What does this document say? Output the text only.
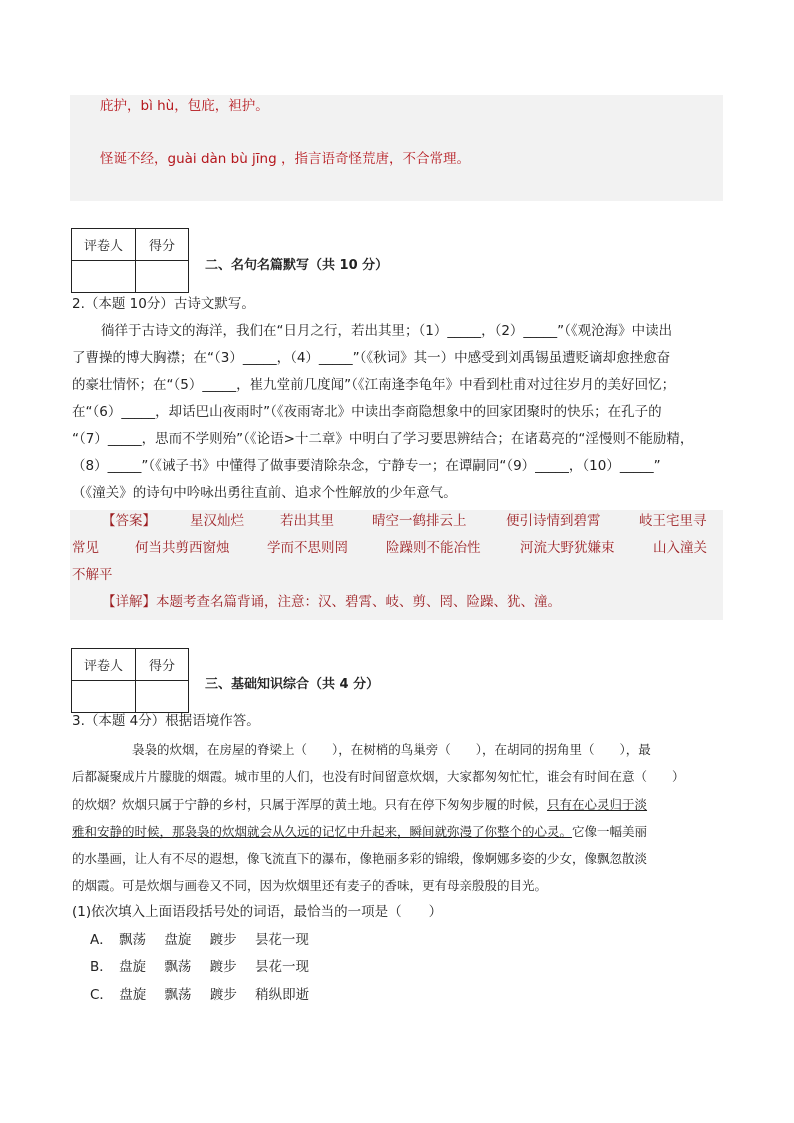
庇护，bì hù，包庇，袒护。
怪诞不经，guài dàn bù jīng ，指言语奇怪荒唐，不合常理。
评卷人	得分

二、名句名篇默写（共 10 分）
2.（本题 10分）古诗文默写。
徜徉于古诗文的海洋，我们在“日月之行，若出其里；（1）_____，（2）_____”（《观沧海》中读出
了曹操的博大胸襟；在“（3）_____，（4）_____”（《秋词》其一）中感受到刘禹锡虽遭贬谪却愈挫愈奋
的豪壮情怀；在“（5）_____，崔九堂前几度闻”（《江南逢李龟年》中看到杜甫对过往岁月的美好回忆；
在“（6）_____，却话巴山夜雨时”（《夜雨寄北》中读出李商隐想象中的回家团聚时的快乐；在孔子的
“（7）_____，思而不学则殆”（《论语>十二章》中明白了学习要思辨结合；在诸葛亮的“淫慢则不能励精，
（8）_____”（《诫子书》中懂得了做事要清除杂念，宁静专一；在谭嗣同“（9）_____，（10）_____”
（《潼关》的诗句中吟咏出勇往直前、追求个性解放的少年意气。
【答案】	星汉灿烂	若出其里	晴空一鹤排云上	便引诗情到碧霄	岐王宅里寻
常见	何当共剪西窗烛	学而不思则罔	险躁则不能冶性	河流大野犹嫌束	山入潼关
不解平
【详解】本题考查名篇背诵，注意：汉、碧霄、岐、剪、罔、险躁、犹、潼。
评卷人	得分

三、基础知识综合（共 4 分）
3.（本题 4分）根据语境作答。
袅袅的炊烟，在房屋的脊梁上（　　），在树梢的鸟巢旁（　　），在胡同的拐角里（　　），最
后都凝聚成片片朦胧的烟霞。城市里的人们，也没有时间留意炊烟，大家都匆匆忙忙，谁会有时间在意（　　）
的炊烟？炊烟只属于宁静的乡村，只属于浑厚的黄土地。只有在停下匆匆步履的时候，只有在心灵归于淡
雅和安静的时候，那袅袅的炊烟就会从久远的记忆中升起来，瞬间就弥漫了你整个的心灵。它像一幅美丽
的水墨画，让人有不尽的遐想，像飞流直下的瀑布，像艳丽多彩的锦缎，像婀娜多姿的少女，像飘忽散淡
的烟霞。可是炊烟与画卷又不同，因为炊烟里还有麦子的香味，更有母亲殷殷的目光。
(1)依次填入上面语段括号处的词语，最恰当的一项是（　　）
A． 飘荡 盘旋 踱步 昙花一现
B． 盘旋 飘荡 踱步 昙花一现
C． 盘旋 飘荡 踱步 稍纵即逝
